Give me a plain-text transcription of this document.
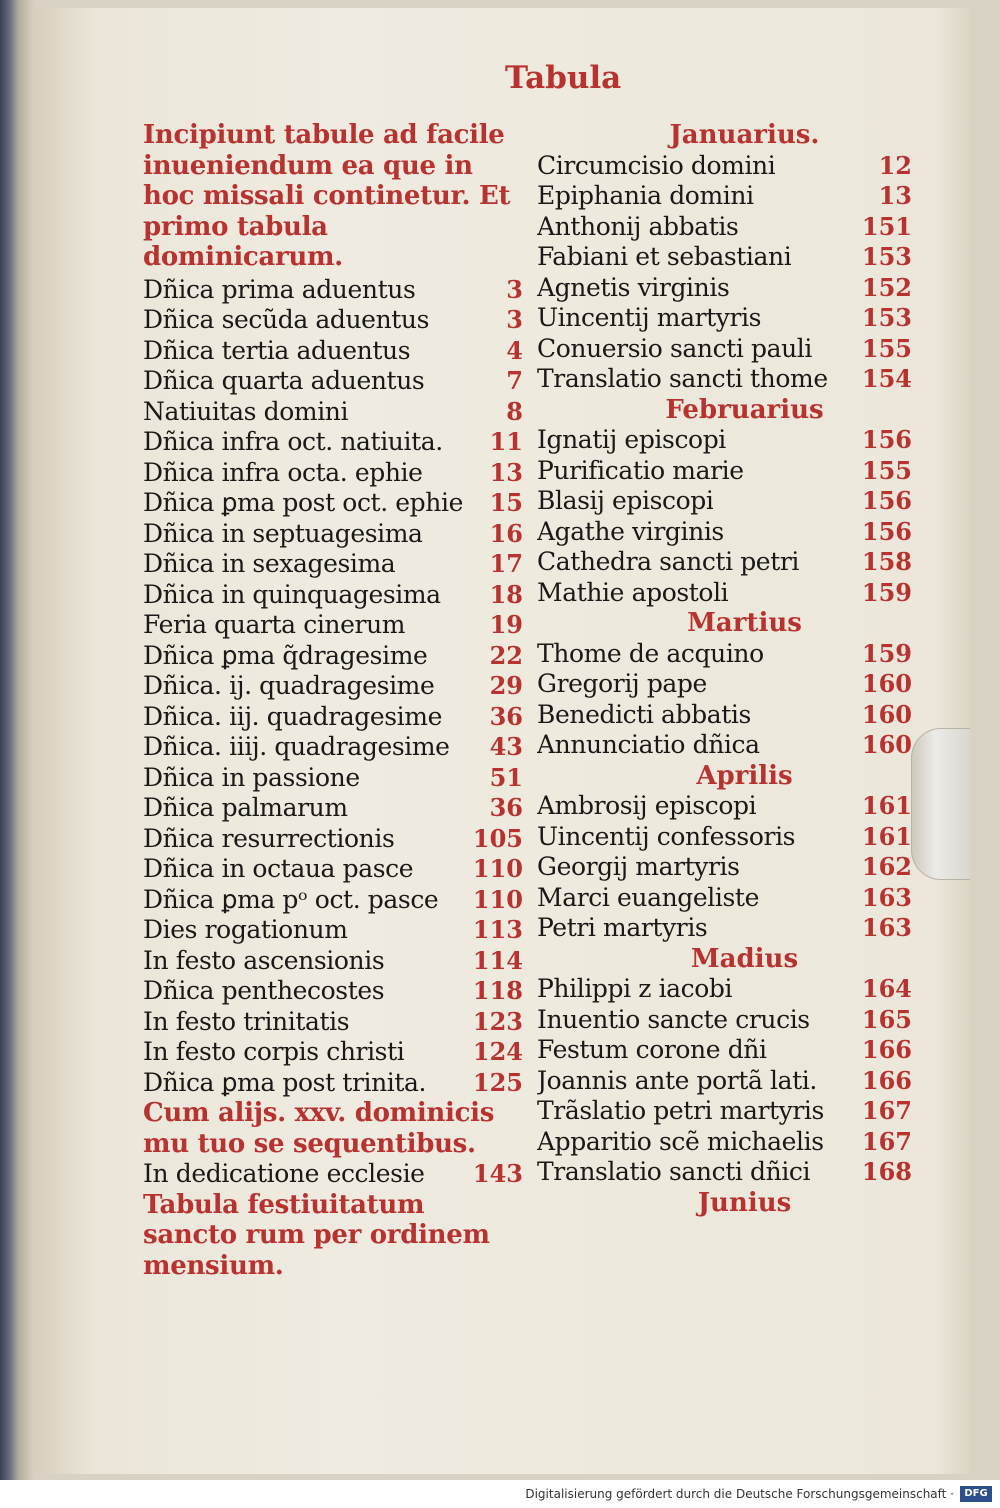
Tabula
Incipiunt tabule ad facile inueniendum ea que in hoc missali continetur. Et primo tabula dominicarum.
Dñica prima aduentus	3
Dñica secũda aduentus	3
Dñica tertia aduentus	4
Dñica quarta aduentus	7
Natiuitas domini	8
Dñica infra oct. natiuita. 11
Dñica infra octa. ephie	13
Dñica ꝑma post oct. ephie 15
Dñica in septuagesima	16
Dñica in sexagesima	17
Dñica in quinquagesima 18
Feria quarta cinerum	19
Dñica ꝑma q̃dragesime	22
Dñica. ij. quadragesime 29
Dñica. iij. quadragesime 36
Dñica. iiij. quadragesime 43
Dñica in passione	51
Dñica palmarum	36
Dñica resurrectionis	105
Dñica in octaua pasce 110
Dñica ꝑma pᵒ oct. pasce 110
Dies rogationum	113
In festo ascensionis	114
Dñica penthecostes	118
In festo trinitatis	123
In festo corpis christi	124
Dñica ꝑma post trinita. 125
Cum alijs. xxv. dominicis mu tuo se sequentibus.
In dedicatione ecclesie 143
Tabula festiuitatum sancto rum per ordinem mensium.
Januarius.
Circumcisio domini	12
Epiphania domini	13
Anthonij abbatis	151
Fabiani et sebastiani	153
Agnetis virginis	152
Uincentij martyris	153
Conuersio sancti pauli 155
Translatio sancti thome 154
Februarius
Ignatij episcopi	156
Purificatio marie	155
Blasij episcopi	156
Agathe virginis	156
Cathedra sancti petri	158
Mathie apostoli	159
Martius
Thome de acquino	159
Gregorij pape	160
Benedicti abbatis	160
Annunciatio dñica	160
Aprilis
Ambrosij episcopi	161
Uincentij confessoris	161
Georgij martyris	162
Marci euangeliste	163
Petri martyris	163
Madius
Philippi z iacobi	164
Inuentio sancte crucis 165
Festum corone dñi	166
Joannis ante portã lati. 166
Trãslatio petri martyris 167
Apparitio scẽ michaelis 167
Translatio sancti dñici 168
Junius
Digitalisierung gefördert durch die Deutsche Forschungsgemeinschaft ·	DFG
